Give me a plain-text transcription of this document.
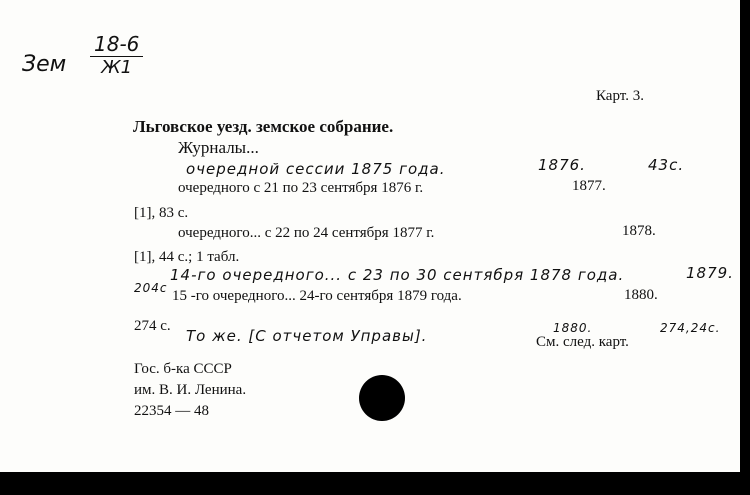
Зем
18-6
Ж1
Карт. 3.
Льговское уезд. земское собрание.
Журналы...
очередной сессии 1875 года.	1876.	43с.
очередного с 21 по 23 сентября 1876 г.	1877.
[1], 83 с.
очередного... с 22 по 24 сентября 1877 г.	1878.
[1], 44 с.; 1 табл.
204с
14-го очередного... с 23 по 30 сентября 1878 года.	1879.
15 -го очередного... 24-го сентября 1879 года.	1880.
274 с.
То же. [С отчетом Управы].	1880.
См. след. карт.
274,24с.
Гос. б-ка СССР
им. В. И. Ленина.
22354 — 48
